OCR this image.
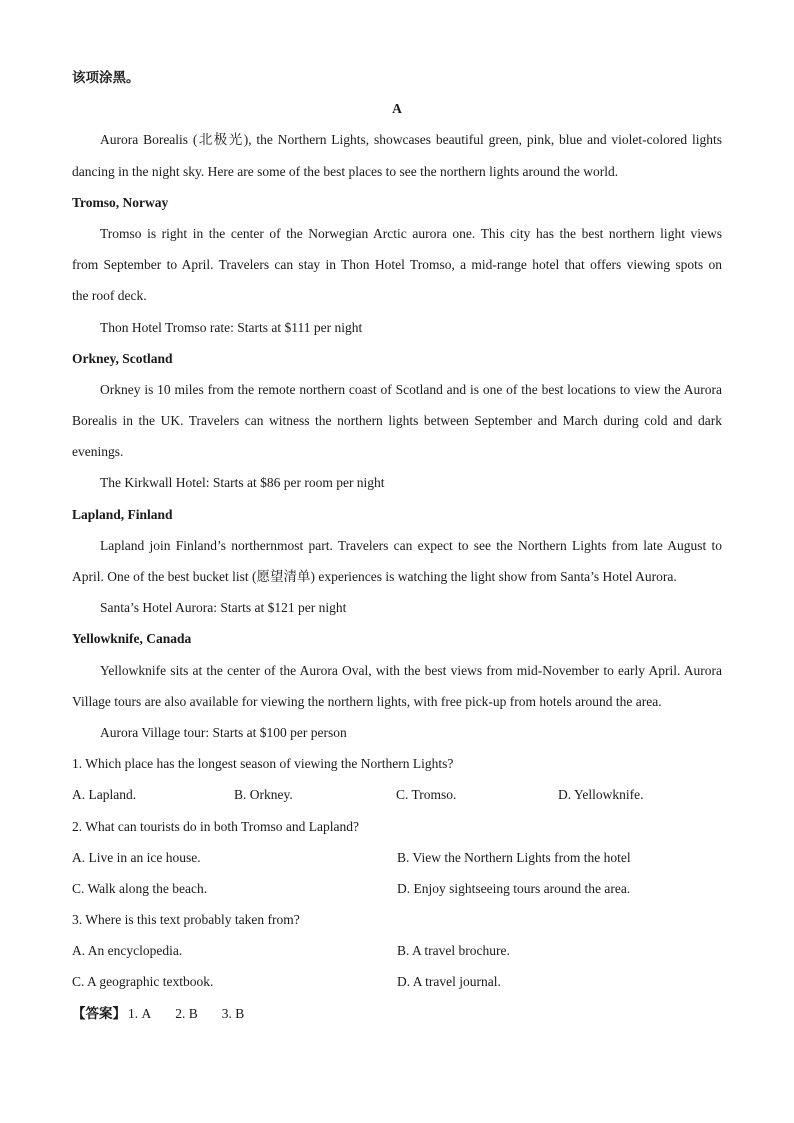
该项涂黑。
A
Aurora Borealis (北极光), the Northern Lights, showcases beautiful green, pink, blue and violet-colored lights
dancing in the night sky. Here are some of the best places to see the northern lights around the world.
Tromso, Norway
Tromso is right in the center of the Norwegian Arctic aurora one. This city has the best northern light views
from September to April. Travelers can stay in Thon Hotel Tromso, a mid-range hotel that offers viewing spots on
the roof deck.
Thon Hotel Tromso rate: Starts at $111 per night
Orkney, Scotland
Orkney is 10 miles from the remote northern coast of Scotland and is one of the best locations to view the Aurora
Borealis in the UK. Travelers can witness the northern lights between September and March during cold and dark
evenings.
The Kirkwall Hotel: Starts at $86 per room per night
Lapland, Finland
Lapland join Finland’s northernmost part. Travelers can expect to see the Northern Lights from late August to
April. One of the best bucket list (愿望清单) experiences is watching the light show from Santa’s Hotel Aurora.
Santa’s Hotel Aurora: Starts at $121 per night
Yellowknife, Canada
Yellowknife sits at the center of the Aurora Oval, with the best views from mid-November to early April. Aurora
Village tours are also available for viewing the northern lights, with free pick-up from hotels around the area.
Aurora Village tour: Starts at $100 per person
1. Which place has the longest season of viewing the Northern Lights?
A. Lapland.	B. Orkney.	C. Tromso.	D. Yellowknife.
2. What can tourists do in both Tromso and Lapland?
A. Live in an ice house.	B. View the Northern Lights from the hotel
C. Walk along the beach.	D. Enjoy sightseeing tours around the area.
3. Where is this text probably taken from?
A. An encyclopedia.	B. A travel brochure.
C. A geographic textbook.	D. A travel journal.
【答案】 1. A 2. B 3. B
